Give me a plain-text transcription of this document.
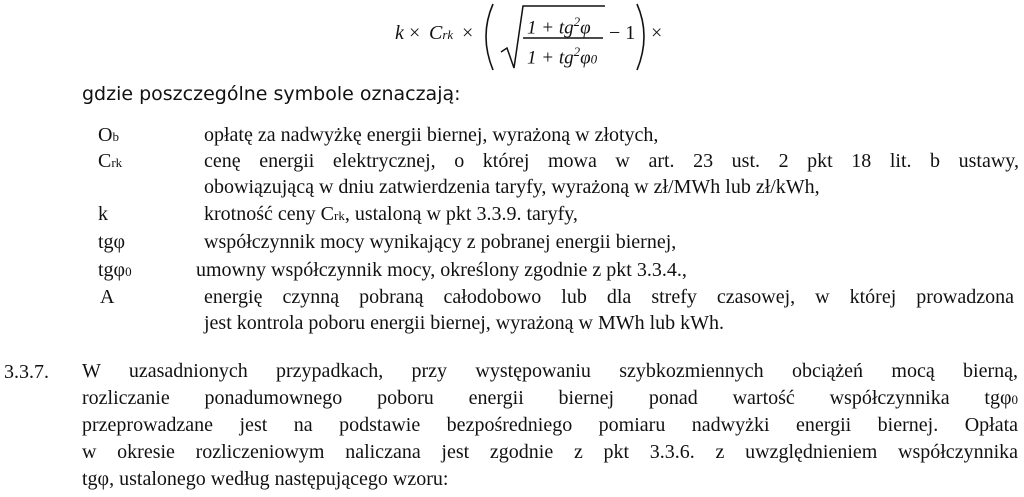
k × Crk ×	$1 + tg^2\varphi$
$1 + tg^2\varphi 0$
− 1 ×
gdzie poszczególne symbole oznaczają:
Ob	opłatę za nadwyżkę energii biernej, wyrażoną w złotych,
Crk	cenę energii elektrycznej, o której mowa w art. 23 ust. 2 pkt 18 lit. b ustawy,
obowiązującą w dniu zatwierdzenia taryfy, wyrażoną w zł/MWh lub zł/kWh,
k	krotność ceny Crk, ustaloną w pkt 3.3.9. taryfy,
tgφ	współczynnik mocy wynikający z pobranej energii biernej,
tgφ0	umowny współczynnik mocy, określony zgodnie z pkt 3.3.4.,
A	energię czynną pobraną całodobowo lub dla strefy czasowej, w której prowadzona
jest kontrola poboru energii biernej, wyrażoną w MWh lub kWh.
3.3.7. W uzasadnionych przypadkach, przy występowaniu szybkozmiennych obciążeń mocą bierną,
rozliczanie ponadumownego poboru energii biernej ponad wartość współczynnika tgφ0
przeprowadzane jest na podstawie bezpośredniego pomiaru nadwyżki energii biernej. Opłata
w okresie rozliczeniowym naliczana jest zgodnie z pkt 3.3.6. z uwzględnieniem współczynnika
tgφ, ustalonego według następującego wzoru:
